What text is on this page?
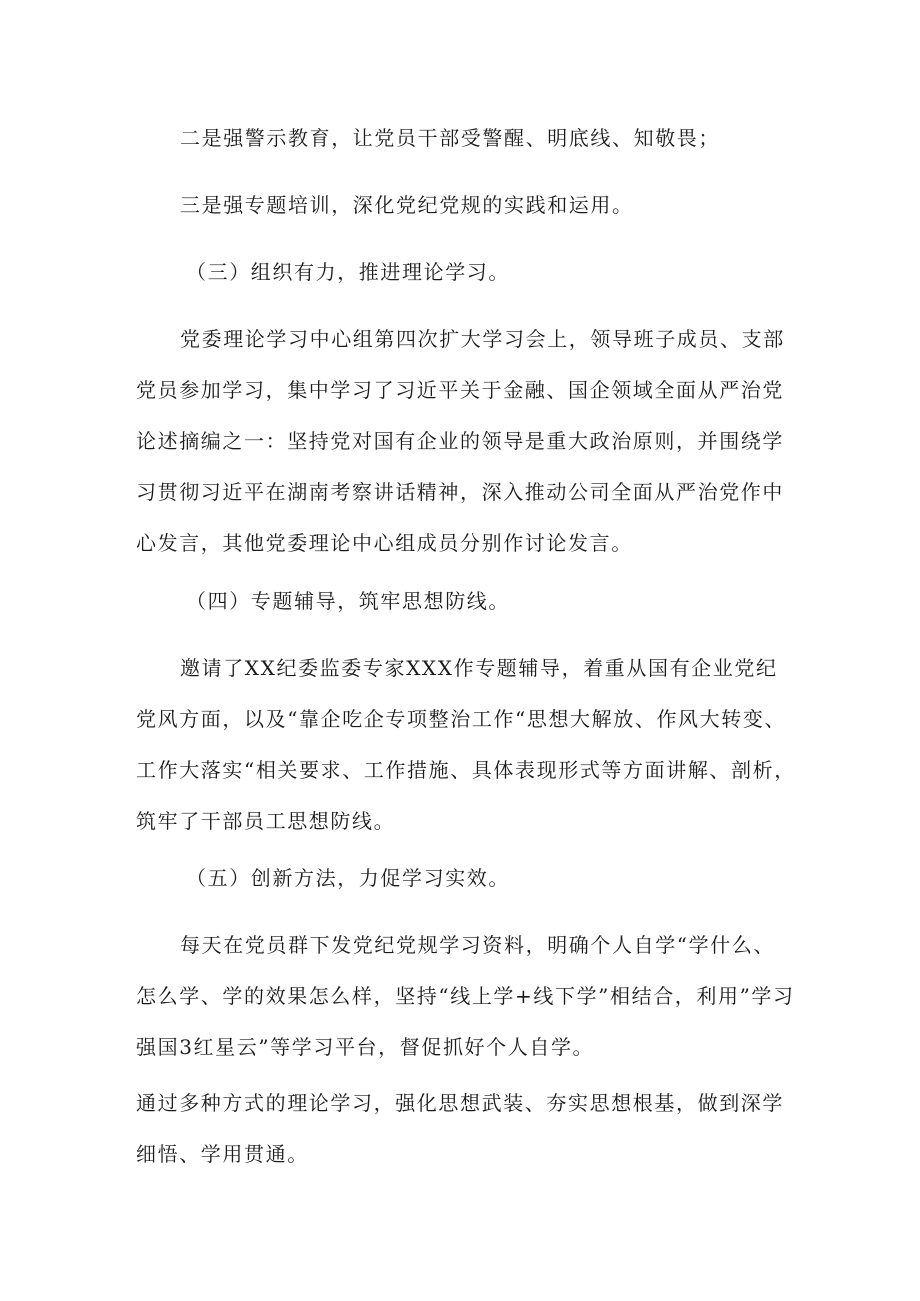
二是强警示教育，让党员干部受警醒、明底线、知敬畏；

三是强专题培训，深化党纪党规的实践和运用。

（三）组织有力，推进理论学习。

党委理论学习中心组第四次扩大学习会上，领导班子成员、支部党员参加学习，集中学习了习近平关于金融、国企领域全面从严治党论述摘编之一：坚持党对国有企业的领导是重大政治原则，并围绕学习贯彻习近平在湖南考察讲话精神，深入推动公司全面从严治党作中心发言，其他党委理论中心组成员分别作讨论发言。

（四）专题辅导，筑牢思想防线。

邀请了XX纪委监委专家XXX作专题辅导，着重从国有企业党纪党风方面，以及“靠企吃企专项整治工作“思想大解放、作风大转变、工作大落实“相关要求、工作措施、具体表现形式等方面讲解、剖析，筑牢了干部员工思想防线。

（五）创新方法，力促学习实效。

每天在党员群下发党纪党规学习资料，明确个人自学“学什么、怎么学、学的效果怎么样，坚持“线上学+线下学”相结合，利用”学习强国3红星云”等学习平台，督促抓好个人自学。

通过多种方式的理论学习，强化思想武装、夯实思想根基，做到深学细悟、学用贯通。
